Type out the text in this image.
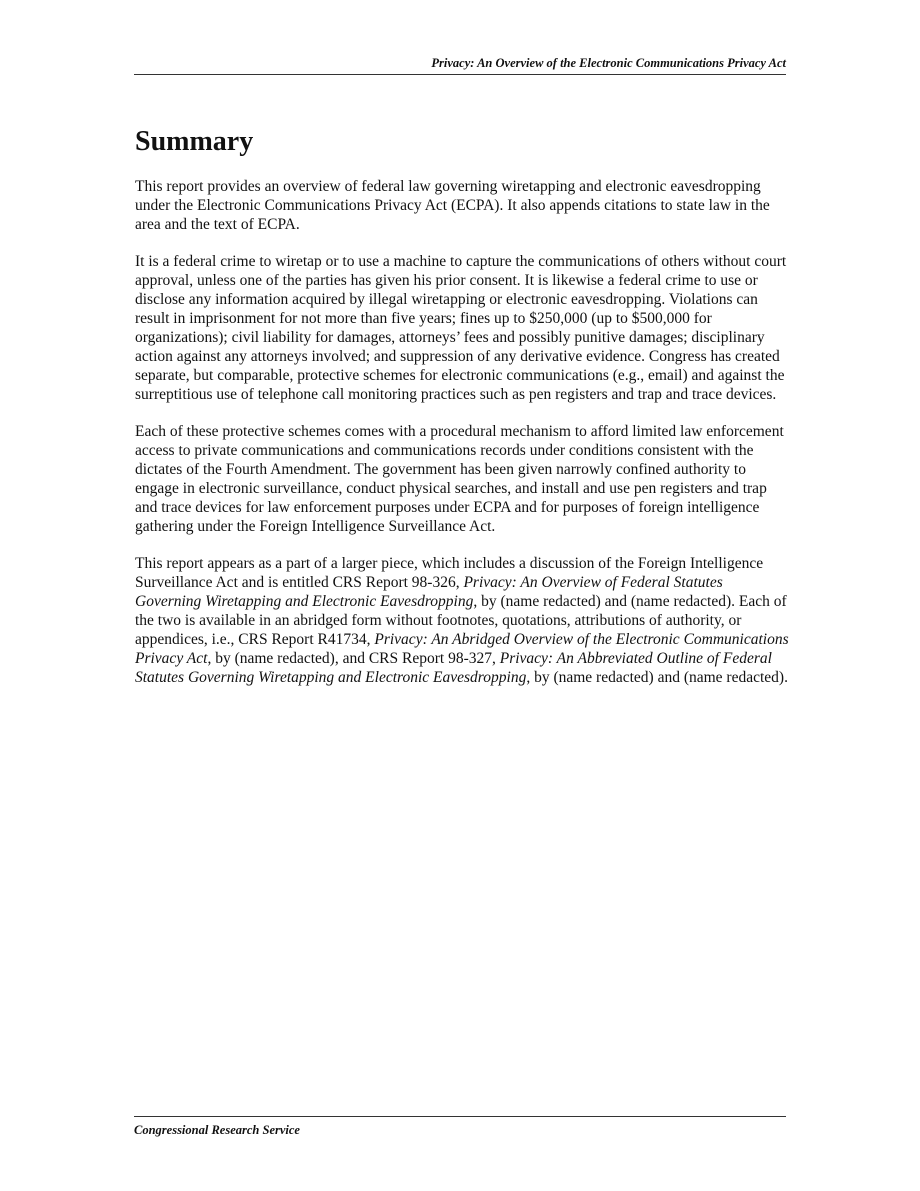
Privacy: An Overview of the Electronic Communications Privacy Act
Summary

This report provides an overview of federal law governing wiretapping and electronic eavesdropping under the Electronic Communications Privacy Act (ECPA). It also appends citations to state law in the area and the text of ECPA.

It is a federal crime to wiretap or to use a machine to capture the communications of others without court approval, unless one of the parties has given his prior consent. It is likewise a federal crime to use or disclose any information acquired by illegal wiretapping or electronic eavesdropping. Violations can result in imprisonment for not more than five years; fines up to $250,000 (up to $500,000 for organizations); civil liability for damages, attorneys’ fees and possibly punitive damages; disciplinary action against any attorneys involved; and suppression of any derivative evidence. Congress has created separate, but comparable, protective schemes for electronic communications (e.g., email) and against the surreptitious use of telephone call monitoring practices such as pen registers and trap and trace devices.

Each of these protective schemes comes with a procedural mechanism to afford limited law enforcement access to private communications and communications records under conditions consistent with the dictates of the Fourth Amendment. The government has been given narrowly confined authority to engage in electronic surveillance, conduct physical searches, and install and use pen registers and trap and trace devices for law enforcement purposes under ECPA and for purposes of foreign intelligence gathering under the Foreign Intelligence Surveillance Act.

This report appears as a part of a larger piece, which includes a discussion of the Foreign Intelligence Surveillance Act and is entitled CRS Report 98-326, Privacy: An Overview of Federal Statutes Governing Wiretapping and Electronic Eavesdropping, by (name redacted) and (name redacted). Each of the two is available in an abridged form without footnotes, quotations, attributions of authority, or appendices, i.e., CRS Report R41734, Privacy: An Abridged Overview of the Electronic Communications Privacy Act, by (name redacted), and CRS Report 98-327, Privacy: An Abbreviated Outline of Federal Statutes Governing Wiretapping and Electronic Eavesdropping, by (name redacted) and (name redacted).

Congressional Research Service
